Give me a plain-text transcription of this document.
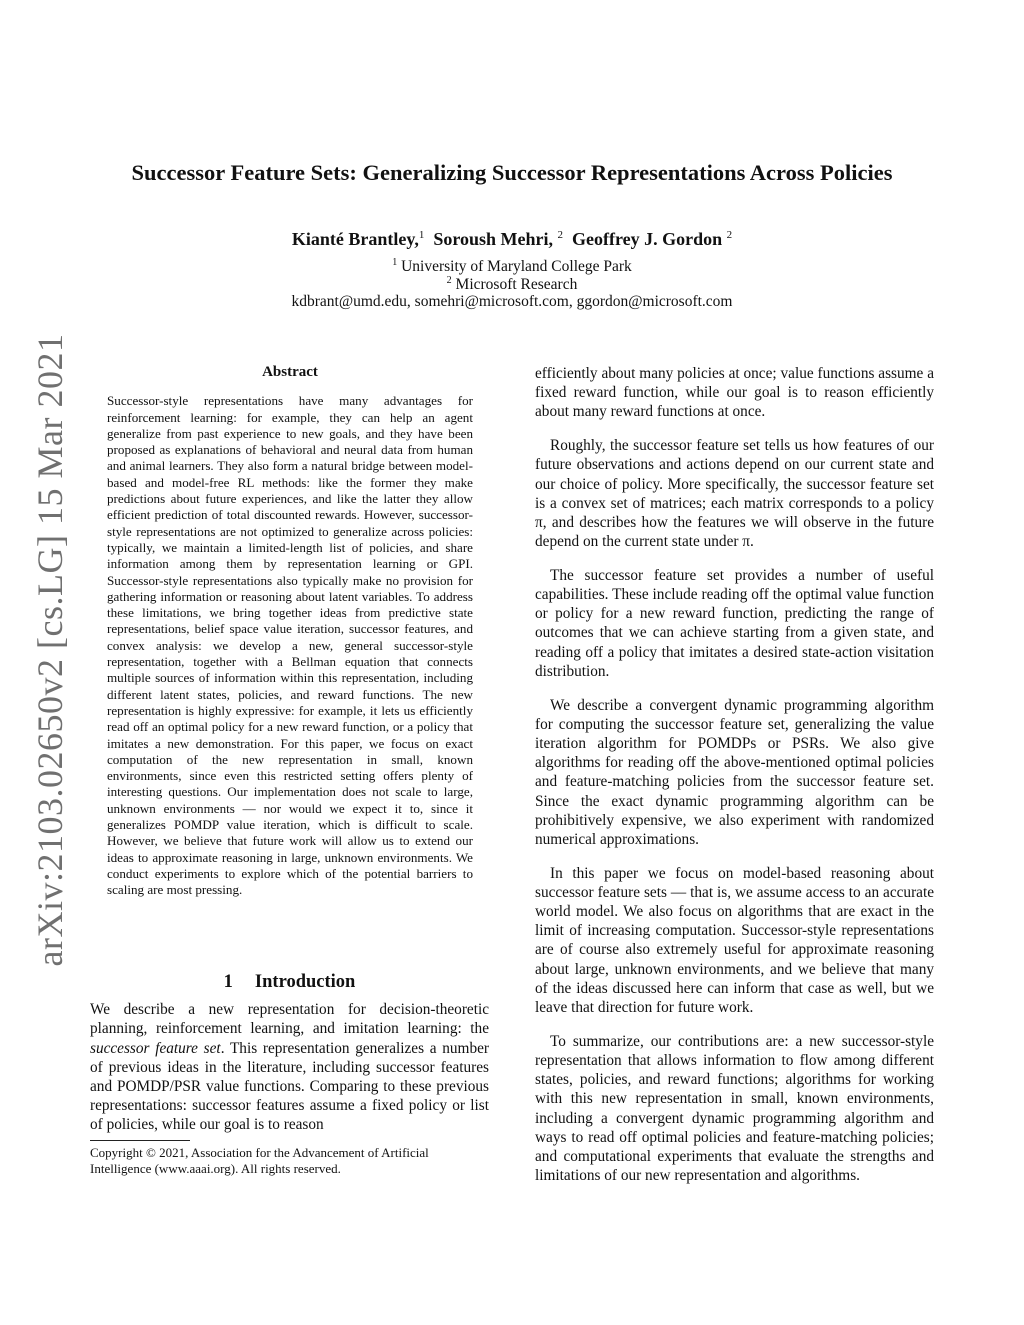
arXiv:2103.02650v2 [cs.LG] 15 Mar 2021
Successor Feature Sets: Generalizing Successor Representations Across Policies
Kianté Brantley,$^1$ Soroush Mehri, $^2$ Geoffrey J. Gordon $^2$
$^1$ University of Maryland College Park
$^2$ Microsoft Research
kdbrant@umd.edu, somehri@microsoft.com, ggordon@microsoft.com

Abstract

Successor-style representations have many advantages for reinforcement learning: for example, they can help an agent generalize from past experience to new goals, and they have been proposed as explanations of behavioral and neural data from human and animal learners. They also form a natural bridge between model-based and model-free RL methods: like the former they make predictions about future experiences, and like the latter they allow efficient prediction of total discounted rewards. However, successor-style representations are not optimized to generalize across policies: typically, we maintain a limited-length list of policies, and share information among them by representation learning or GPI. Successor-style representations also typically make no provision for gathering information or reasoning about latent variables. To address these limitations, we bring together ideas from predictive state representations, belief space value iteration, successor features, and convex analysis: we develop a new, general successor-style representation, together with a Bellman equation that connects multiple sources of information within this representation, including different latent states, policies, and reward functions. The new representation is highly expressive: for example, it lets us efficiently read off an optimal policy for a new reward function, or a policy that imitates a new demonstration. For this paper, we focus on exact computation of the new representation in small, known environments, since even this restricted setting offers plenty of interesting questions. Our implementation does not scale to large, unknown environments — nor would we expect it to, since it generalizes POMDP value iteration, which is difficult to scale. However, we believe that future work will allow us to extend our ideas to approximate reasoning in large, unknown environments. We conduct experiments to explore which of the potential barriers to scaling are most pressing.

1 Introduction

We describe a new representation for decision-theoretic planning, reinforcement learning, and imitation learning: the successor feature set. This representation generalizes a number of previous ideas in the literature, including successor features and POMDP/PSR value functions. Comparing to these previous representations: successor features assume a fixed policy or list of policies, while our goal is to reason

Copyright © 2021, Association for the Advancement of Artificial Intelligence (www.aaai.org). All rights reserved.

efficiently about many policies at once; value functions assume a fixed reward function, while our goal is to reason efficiently about many reward functions at once.

Roughly, the successor feature set tells us how features of our future observations and actions depend on our current state and our choice of policy. More specifically, the successor feature set is a convex set of matrices; each matrix corresponds to a policy π, and describes how the features we will observe in the future depend on the current state under π.

The successor feature set provides a number of useful capabilities. These include reading off the optimal value function or policy for a new reward function, predicting the range of outcomes that we can achieve starting from a given state, and reading off a policy that imitates a desired state-action visitation distribution.

We describe a convergent dynamic programming algorithm for computing the successor feature set, generalizing the value iteration algorithm for POMDPs or PSRs. We also give algorithms for reading off the above-mentioned optimal policies and feature-matching policies from the successor feature set. Since the exact dynamic programming algorithm can be prohibitively expensive, we also experiment with randomized numerical approximations.

In this paper we focus on model-based reasoning about successor feature sets — that is, we assume access to an accurate world model. We also focus on algorithms that are exact in the limit of increasing computation. Successor-style representations are of course also extremely useful for approximate reasoning about large, unknown environments, and we believe that many of the ideas discussed here can inform that case as well, but we leave that direction for future work.

To summarize, our contributions are: a new successor-style representation that allows information to flow among different states, policies, and reward functions; algorithms for working with this new representation in small, known environments, including a convergent dynamic programming algorithm and ways to read off optimal policies and feature-matching policies; and computational experiments that evaluate the strengths and limitations of our new representation and algorithms.
